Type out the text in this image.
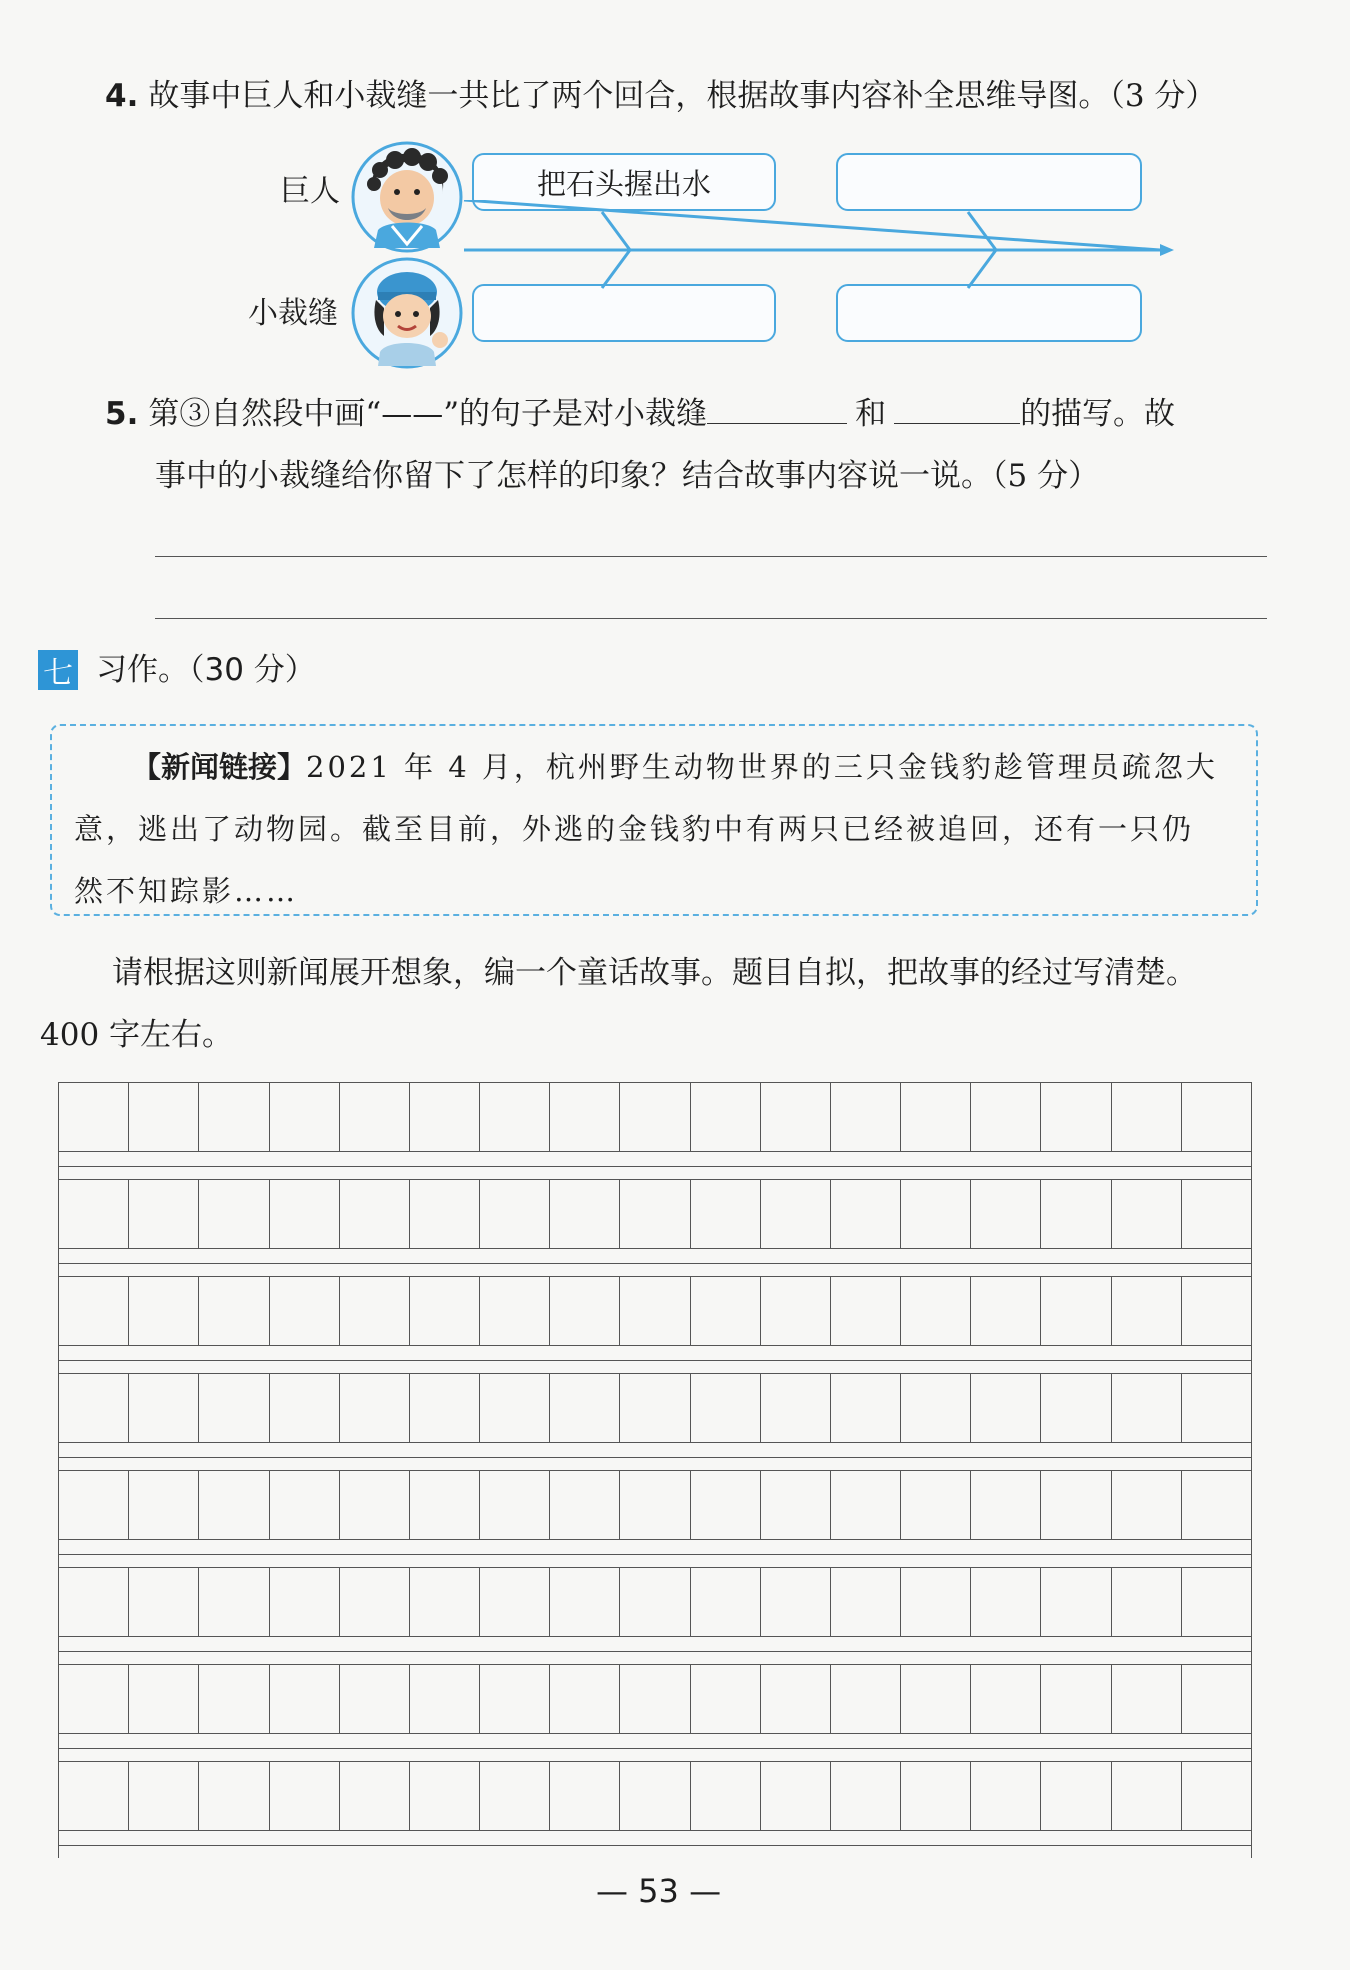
4. 故事中巨人和小裁缝一共比了两个回合，根据故事内容补全思维导图。（3 分）
巨人
小裁缝
把石头握出水
5. 第③自然段中画“——”的句子是对小裁缝	和	的描写。故
事中的小裁缝给你留下了怎样的印象？结合故事内容说一说。（5 分）
七 习作。（30 分）
【新闻链接】2021 年 4 月，杭州野生动物世界的三只金钱豹趁管理员疏忽大
意，逃出了动物园。截至目前，外逃的金钱豹中有两只已经被追回，还有一只仍
然不知踪影……
请根据这则新闻展开想象，编一个童话故事。题目自拟，把故事的经过写清楚。
400 字左右。
— 53 —
